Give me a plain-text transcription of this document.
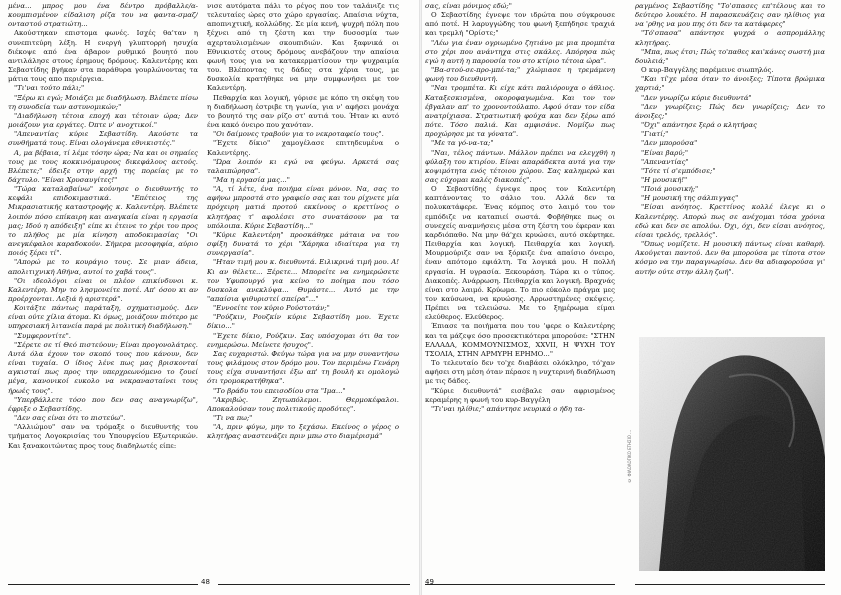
μένα... μπρος μου ένα δέντρο πρόβαλλε/α-κουμπισμένον είδαλιση ρίζα του να φαντα-σμαζ/ονταστού στρατιώτη...

Ακούστηκαν επιστομα φωνές. Ισχές θα'ταν η συνεπιτεύρη λέξη. Η ενεργή γλυπτορρή ησυχία διέκοψε από ένα άβαρον ρυθμικό βουητό που αντιλάλησε στους έρημους δρόμους. Καλεντέρης και Σεβαστίδης βγήκαν στα παράθυρα γουρλώνοντας τα μάτια τους απο περιέργεια.

"Τι'ναι τούτο πάλι;"

"Ξέρω κι εγώ; Μοιάζει με διαδήλωση. Βλέπετε πίσω τη συνοδεία των αστυνομικών;"

"Διαδήλωση τέτοια εποχή και τέτοιαν ώρα; Δεν μοιάζουν για εργάτες. Όπτε ν' ανοχτικοί."

"Απεναντίας κύριε Σεβαστίδη. Ακούστε τα συνθήματά τους. Είναι ολογάνεμα εθνικιστές."

Α, μα βέβαια, τί λέμε τόσην ώρα; Να και οι σημαίες τους με τους κοκκινόμαυρους δικεφάλους αετούς. Βλέπετε;" έδειξε στην αρχή της πορείας με το δάχτυλο. "Είναι Χρυσαυγίτες!"

"Τώρα καταλαβαίνω" κούνησε ο διευθυντής το κεφάλι επιδοκιμαστικά. "Επέτειος της Μικρασιατικής καταστροφής κ. Καλεντέρη. Βλέπετε λοιπόν πόσο επίκαιρη και αναγκαία είναι η εργασία μας; Ιδού η απόδειξη" είπε κι έτεινε το χέρι του προς το πλήθος με μία κίνηση αποδοκιμασίας "Οι ανεγκέφαλοι καραδοκούν. Σήμερα μεσοφηφία, αύριο ποιός ξέρει τί".

"Απορώ με το κουράγιο τους. Σε μιαν άδεια, απολιτιχνική Αθήνα, αυτοί το χαβά τους".

"Οι ιδεολόγοι είναι οι πλέον επικίνδυνοι κ. Καλεντέρη. Μην το λησμονείτε ποτέ. Απ' όσου κι αν προέρχονται. Λεξιά ή αριστερά".

Κοιτάξτε πάντως παράταξη, σχηματισμούς. Δεν είναι ούτε χίλια άτομα. Κι όμως, μοιάζουν πιότερο με υπηρεσιακή λιτανεία παρά με πολιτική διαδήλωση."

"Συμφεροντίτε".

"Σέρετε σε τί Θεό πιστεύουν; Είναι προγονολάτρες. Αυτά όλα έχουν τον σκοπό τους που κάνουν, δεν είναι τυχαία. Ο ίδιος λένε πως μας βρισκονταί αγκισταί πως προς την υπερχρεωνόμενο το ζουεί μέγα, κανονικοί ευκολο να νεκρανασταίνει τους ήρωές τους".

"Υπερβάλλετε τόσο που δεν σας αναγνωρίζω", έφριξε ο Σεβαστίδης.

"Δεν σας είναι ότι το πιστεύω".

"Αλλιώμου" σαν να τρόμαξε ο διευθυντής του τμήματος Λογοκρισίας του Υπουργείου Εξωτερικών. Και ξανακοιτώντας προς τους διαδηλωτές είπε:

νισε αυτόματα πάλι το ρέγος που τον ταλάνιζε τις τελευταίες ώρες στο χώρο εργασίας. Απαίσια νύχτα, αποπνιχτική, κολλώδης. Σε μία κενή, ψυχρή πόλη που ξέχνει από τη ζέστη και την δυσοσμία των αχερταυλισμένων σκουπιδιών. Και ξαφνικά οι Εθνικιστές στους δρόμους ανεβάζουν την απαίσια φωνή τους για να κατακερματίσουν την ψυχραιμία του. Βλέποντας τις δάδες στα χέρια τους, με δυσκολία κρατήθηκε να μην συμφωνήσει με τον Καλεντέρη.

Πεθαρχία και λογική, γύρισε με κόπο τη σκέψη του η διαδήλωση έστριβε τη γωνία, για ν' αφήσει μονάχα το βουητό της σαν ρίζο στ' αυτιά του. Ήταν κι αυτό ένα κακό όνειρο που χανόταν.

"Οι δαίμονες τραβούν για το νεκροταφείο τους".

"Έχετε δίκιο" χαμογέλασε επιτηδευμένα ο Καλεντέρης.

"Ώρα λοιπόν κι εγώ να φεύγω. Αρκετά σας ταλαιπώρησα".

"Μα η εργασία μας..."

"Α, τί λέτε, ένα ποιήμα είναι μόνον. Να, σας το αφήνω μπροστά στο γραφείο σας και του ρίχνετε μία πρόχειρη ματιά προτού εκκίνους ο κρεττίνος ο κλητήρας τ' αφολέσει στο συνατάσουν μα τα υπόλοιπα. Κύριε Σεβαστίδη..."

"Κύριε Καλεντέρη" προσκάθηκε μάταια να του σφίξη δυνατά το χέρι "Χάρηκα ιδιαίτερα για τη συνεργασία".

"Ηταν τιμή μου κ. διευθυντά. Ειλικρινά τιμή μου. Α! Κι αν θέλετε... Ξέρετε... Μπορείτε να ενημερώσετε τον Υφυπουργό για κείνο το ποίημα που τόσο δυσκολα ανεκλύψα... Θυμάστε... Αυτό με την "απαίσια ψιθυριστεί σπείρα"..."

"Εννοείτε τον κύριο Ρούστοτάν;"

"Ρούζκιν, Ρουζκίν κύριε Σεβαστίδη μου. Έχετε δίκιο..."

"Έχετε δίκιο, Ρούζκιν. Σας υπόσχομαι ότι θα τον ενημερώσω. Μείνετε ήσυχος".

Σας ευχαριστώ. Φεύγω τώρα για να μην συναντήσω τους φιλάμους στον δρόμο μου. Τον περιμένω Γενάρη τους είχα συναντήσει έξω απ' τη βουλή κι ομολογώ ότι τρομοκρατήθηκα".

"Το βράδυ του επεισοδίου στα "Ιμα..."

"Ακριβώς. Ζητωπόλεμοι. Θερμοκέφαλοι. Αποκαλούσαν τους πολιτικούς προδότες".

"Τι να πω;"

"Α, πριν φύγω, μην το ξεχάσω. Εκείνος ο γέρος ο κλητήρας αναστενάζει πριν μπω στο διαμέρισμά"

48

σας, είναι μόνιμος εδώ;"

Ο Σεβαστίδης έγνεψε τον ιδρώτα που σύγκρουσε από ποτέ. Η λαρυγγώδης του φωνή ξεπήδησε τραχιά και τρεμλή "Ορίστε;"

"Λέω για έναν ογριωμένο ζητιάνο με μια προμπέτα στο χέρι που ανάντηχα στις σκάλες. Απόρησα πώς εγώ η αυτή η παρουσία του στο κτίριο τέτοια ώρα".

"Βα-στού-σε-προ-μπέ-τα;" χλώμιασε η τρεμάμενη φωνή του διευθυντή.

"Ναι τρομπέτα. Κι είχε κάτι παλιόρουχα ο άθλιος. Καταξεσκισμένα, οκοροφαγωμένα. Και τον τον έβγαλαν απ' το χρονοντούλαπο. Αφού όταν τον είδα ανατρίχιασα. Στρατιωτική φούχα και δεν ξέρω από πότε. Τόσο παλιά. Και αμφισάνε. Νομίζω πως προχώρησε με τα γόνατα".

"Με τα γό-να-τα;"

"Ναι, τέλος πάντων. Μάλλον πρέπει να ελεγχθή η φύλαξη του κτιρίου. Είναι απαράδεκτα αυτά για την κοψιμότητα ενός τέτοιου χώρου. Σας καλημερώ και σας εύχομαι καλές διακοπές".

Ο Σεβαστίδης έγνεψε προς τον Καλεντέρη καπτάνοντας το σάλιο του. Αλλά δεν τα πολυκατάφερε. Ένας κόμπος στο λαιμό του τον εμπόδιζε να καταπιεί σωστά. Φοβήθηκε πως οι συνεχείς αναμνήσεις μέσα στη ζέστη του έφεραν και καρδιόπαθο. Να μην θά'χει κρυώσει, αυτό σκέφτηκε. Πειθαρχία και λογική. Πειθαρχία και λογική. Μουρμούριζε σαν να ξόρκιζε ένα απαίσιο όνειρο, έναν απότομο εφιάλτη. Τα λογικά μου. Η πολλή εργασία. Η υγρασία. Ξεκουράση. Τώρα κι ο τύπος. Διακοπές. Ανάρρωση. Πειθαρχία και λογική. Βραχνάς είναι στο λαιμό. Κρύωμα. Το πιο εύκολο πράγμα μες τον καύσωνα, να κρυώσης. Αρρωστημένες σκέψεις. Πρέπει να τελειώσω. Με το ξημέρωμα είμαι ελεύθερος. Ελεύθερος.

Έπιασε τα ποιήματα που του 'φερε ο Καλεντέρης και τα μάζεψε όσο προσεκτικότερα μπορούσε: "ΣΤΗΝ ΕΛΛΑΔΑ, ΚΟΜΜΟΥΝΙΣΜΟΣ, XXVII, Η ΨΥΧΗ ΤΟΥ ΤΣΟΛΙΑ, ΣΤΗΝ ΑΡΜΥΡΗ ΕΡΗΜΟ..."

Το τελευταίο δεν το'χε διαβάσει ολόκληρο, τό'χαν αφήσει στη μέση όταν πέρασε η νυχτερινή διαδήλωση με τις δάδες.

"Κύριε διευθυντά" εισέβαλε σαν αφρισμένος κεραμέρης η φωνή του κυρ-Βαγγέλη

"Τι'ναι ηλίθιε;" απάντησε νευρικά ο ήδη τα-

ραγμένος Σεβαστίδης "Το'σπασες επ'τέλους και το δεύτερο λουκέτο. Η παρασκευάζεις σαν ηλίθιος για να 'ρθης να μου πης ότι δεν τα κατάφερες"

"Τό'σπασα" απάντησε ψυχρά ο ασπρομάλλης κλητήρας.

"Μπα, πως έτσι; Πώς το'παθες και'κάνες σωστή μια δουλειά;"

Ο κυρ-Βαγγέλης παρέμεινε σιωπηλός.

"Και τί'χε μέσα όταν το άνοιξες; Τίποτα βρώμικα χαρτιά;"

"Δεν γνωρίζω κύριε διευθυντά"

"Δεν γνωρίζεις; Πώς δεν γνωρίζεις; Δεν το άνοιξες;"

"Όχι" απάντησε ξερά ο κλητήρας

"Γιατί;"

"Δεν μπορούσα"

"Είναι βαρύ;"

"Απεναντίας"

"Τότε τί σ'εμπόδισε;"

"Η μουσική!"

"Ποιά μουσική;"

"Η μουσική της σάλπιγγας"

"Είσαι ανόητος. Κρεττίνος κολλέ έλεγε κι ο Καλεντέρης. Απορώ πως σε ανέχομαι τόσα χρόνια εδώ και δεν σε απολύω. Όχι, όχι, δεν είσαι ανόητος, είσαι τρελός, τρελλός".

"Όπως νομίζετε. Η μουσική πάντως είναι καθαρή. Ακούγεται παντού. Δεν θα μπορούσα με τίποτα στον κόσμο να την παραγνωρίσω. Δεν θα αδιαφορούσα γι' αυτήν ούτε στην άλλη ζωή".

© ΦΙΛΟΛΟΓΙΚΟ ΕΤΗΣΙΟ ...
49
